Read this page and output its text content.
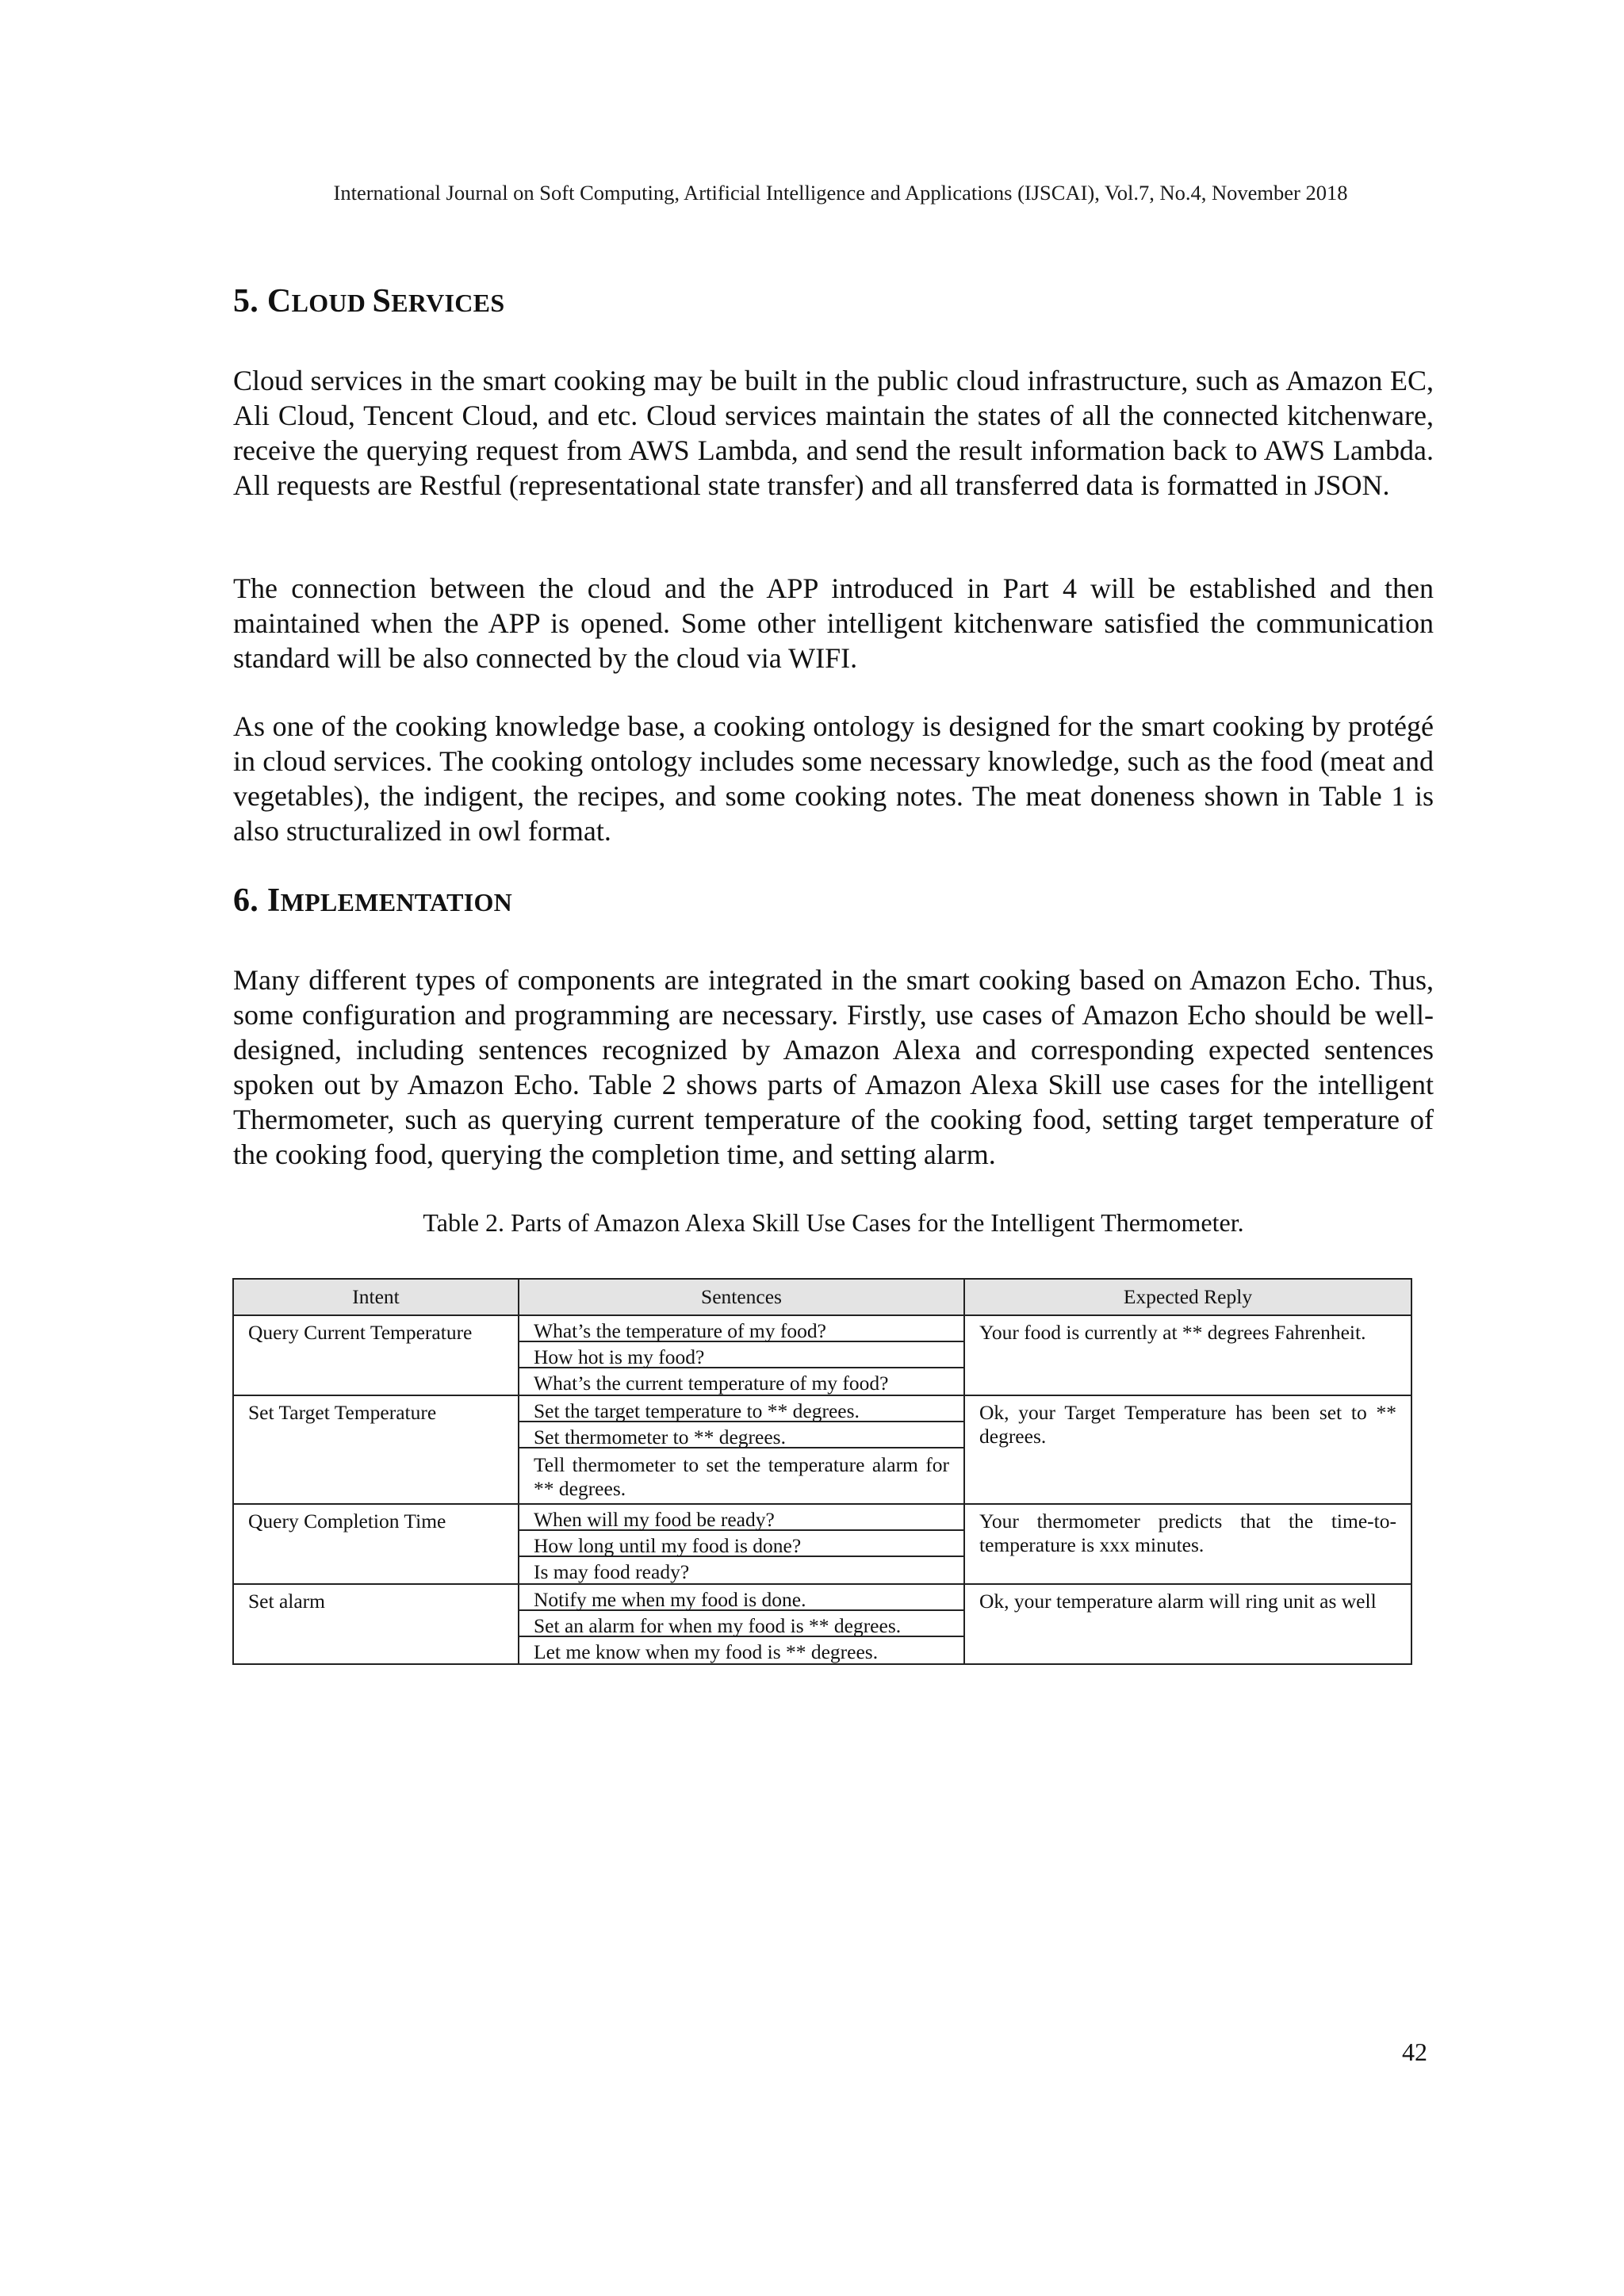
International Journal on Soft Computing, Artificial Intelligence and Applications (IJSCAI), Vol.7, No.4, November 2018
5. CLOUD SERVICES

Cloud services in the smart cooking may be built in the public cloud infrastructure, such as Amazon EC, Ali Cloud, Tencent Cloud, and etc. Cloud services maintain the states of all the connected kitchenware, receive the querying request from AWS Lambda, and send the result information back to AWS Lambda. All requests are Restful (representational state transfer) and all transferred data is formatted in JSON.

The connection between the cloud and the APP introduced in Part 4 will be established and then maintained when the APP is opened. Some other intelligent kitchenware satisfied the communication standard will be also connected by the cloud via WIFI.

As one of the cooking knowledge base, a cooking ontology is designed for the smart cooking by protégé in cloud services. The cooking ontology includes some necessary knowledge, such as the food (meat and vegetables), the indigent, the recipes, and some cooking notes. The meat doneness shown in Table 1 is also structuralized in owl format.

6. IMPLEMENTATION

Many different types of components are integrated in the smart cooking based on Amazon Echo. Thus, some configuration and programming are necessary. Firstly, use cases of Amazon Echo should be well-designed, including sentences recognized by Amazon Alexa and corresponding expected sentences spoken out by Amazon Echo. Table 2 shows parts of Amazon Alexa Skill use cases for the intelligent Thermometer, such as querying current temperature of the cooking food, setting target temperature of the cooking food, querying the completion time, and setting alarm.

Table 2. Parts of Amazon Alexa Skill Use Cases for the Intelligent Thermometer.
Intent	Sentences	Expected Reply

Query Current Temperature	What’s the temperature of my food?
How hot is my food?
What’s the current temperature of my food?	Your food is currently at ** degrees Fahrenheit.

Set Target Temperature	Set the target temperature to ** degrees.
Set thermometer to ** degrees.
Tell thermometer to set the temperature alarm for ** degrees.	Ok, your Target Temperature has been set to ** degrees.

Query Completion Time	When will my food be ready?
How long until my food is done?
Is may food ready?	Your thermometer predicts that the time-to-temperature is xxx minutes.

Set alarm	Notify me when my food is done.
Set an alarm for when my food is ** degrees.
Let me know when my food is ** degrees.	Ok, your temperature alarm will ring unit as well
42
